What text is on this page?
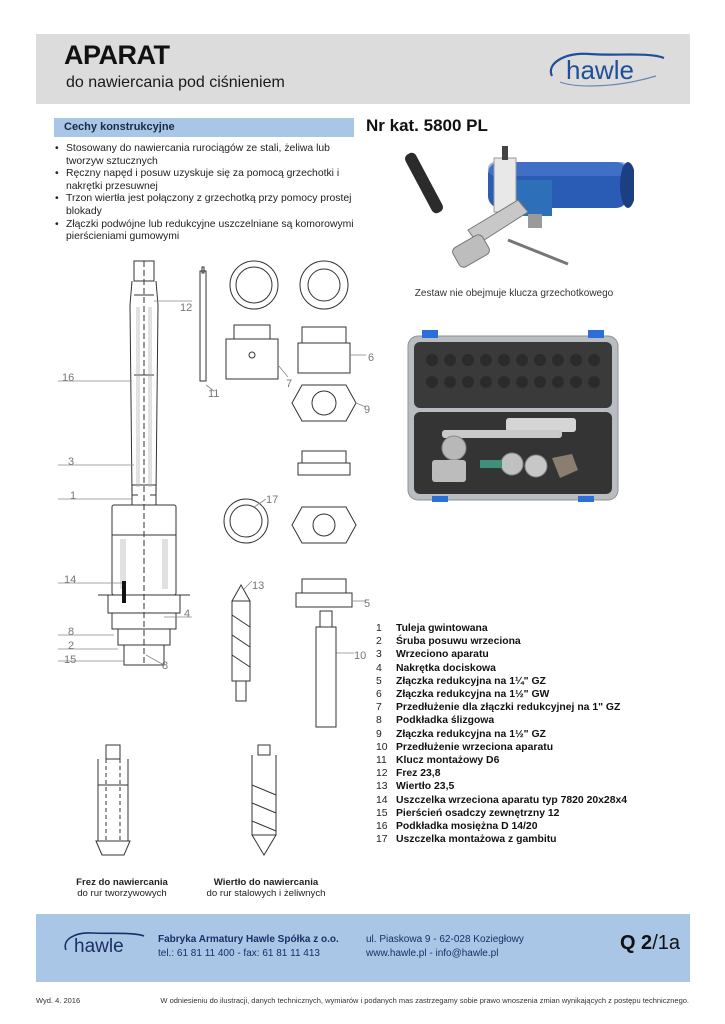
APARAT
do nawiercania pod ciśnieniem	hawle
Cechy konstrukcyjne
• Stosowany do nawiercania rurociągów ze stali, żeliwa lub tworzyw sztucznych
• Ręczny napęd i posuw uzyskuje się za pomocą grzechotki i nakrętki przesuwnej
• Trzon wiertła jest połączony z grzechotką przy pomocy prostej blokady
• Złączki podwójne lub redukcyjne uszczelniane są komorowymi pierścieniami gumowymi
Nr kat. 5800 PL
Zestaw nie obejmuje klucza grzechotkowego
12
16
3
1
14
4
8
2
15	8
11
7
6
9
17
5
13
10
1	Tuleja gwintowana
2	Śruba posuwu wrzeciona
3	Wrzeciono aparatu
4	Nakrętka dociskowa
5	Złączka redukcyjna na 1¼" GZ
6	Złączka redukcyjna na 1½" GW
7	Przedłużenie dla złączki redukcyjnej na 1" GZ
8	Podkładka ślizgowa
9	Złączka redukcyjna na 1½" GZ
10 Przedłużenie wrzeciona aparatu
11 Klucz montażowy D6
12 Frez 23,8
13 Wiertło 23,5
14 Uszczelka wrzeciona aparatu typ 7820 20x28x4
15 Pierścień osadczy zewnętrzny 12
16 Podkładka mosiężna D 14/20
17 Uszczelka montażowa z gambitu
Frez do nawiercania
do rur tworzywowych
Wiertło do nawiercania
do rur stalowych i żeliwnych
hawle	Fabryka Armatury Hawle Spółka z o.o.
tel.: 61 81 11 400 - fax: 61 81 11 413
ul. Piaskowa 9 - 62-028 Koziegłowy
www.hawle.pl - info@hawle.pl	Q 2/1a
Wyd. 4. 2016	W odniesieniu do ilustracji, danych technicznych, wymiarów i podanych mas zastrzegamy sobie prawo wnoszenia zmian wynikających z postępu technicznego.
